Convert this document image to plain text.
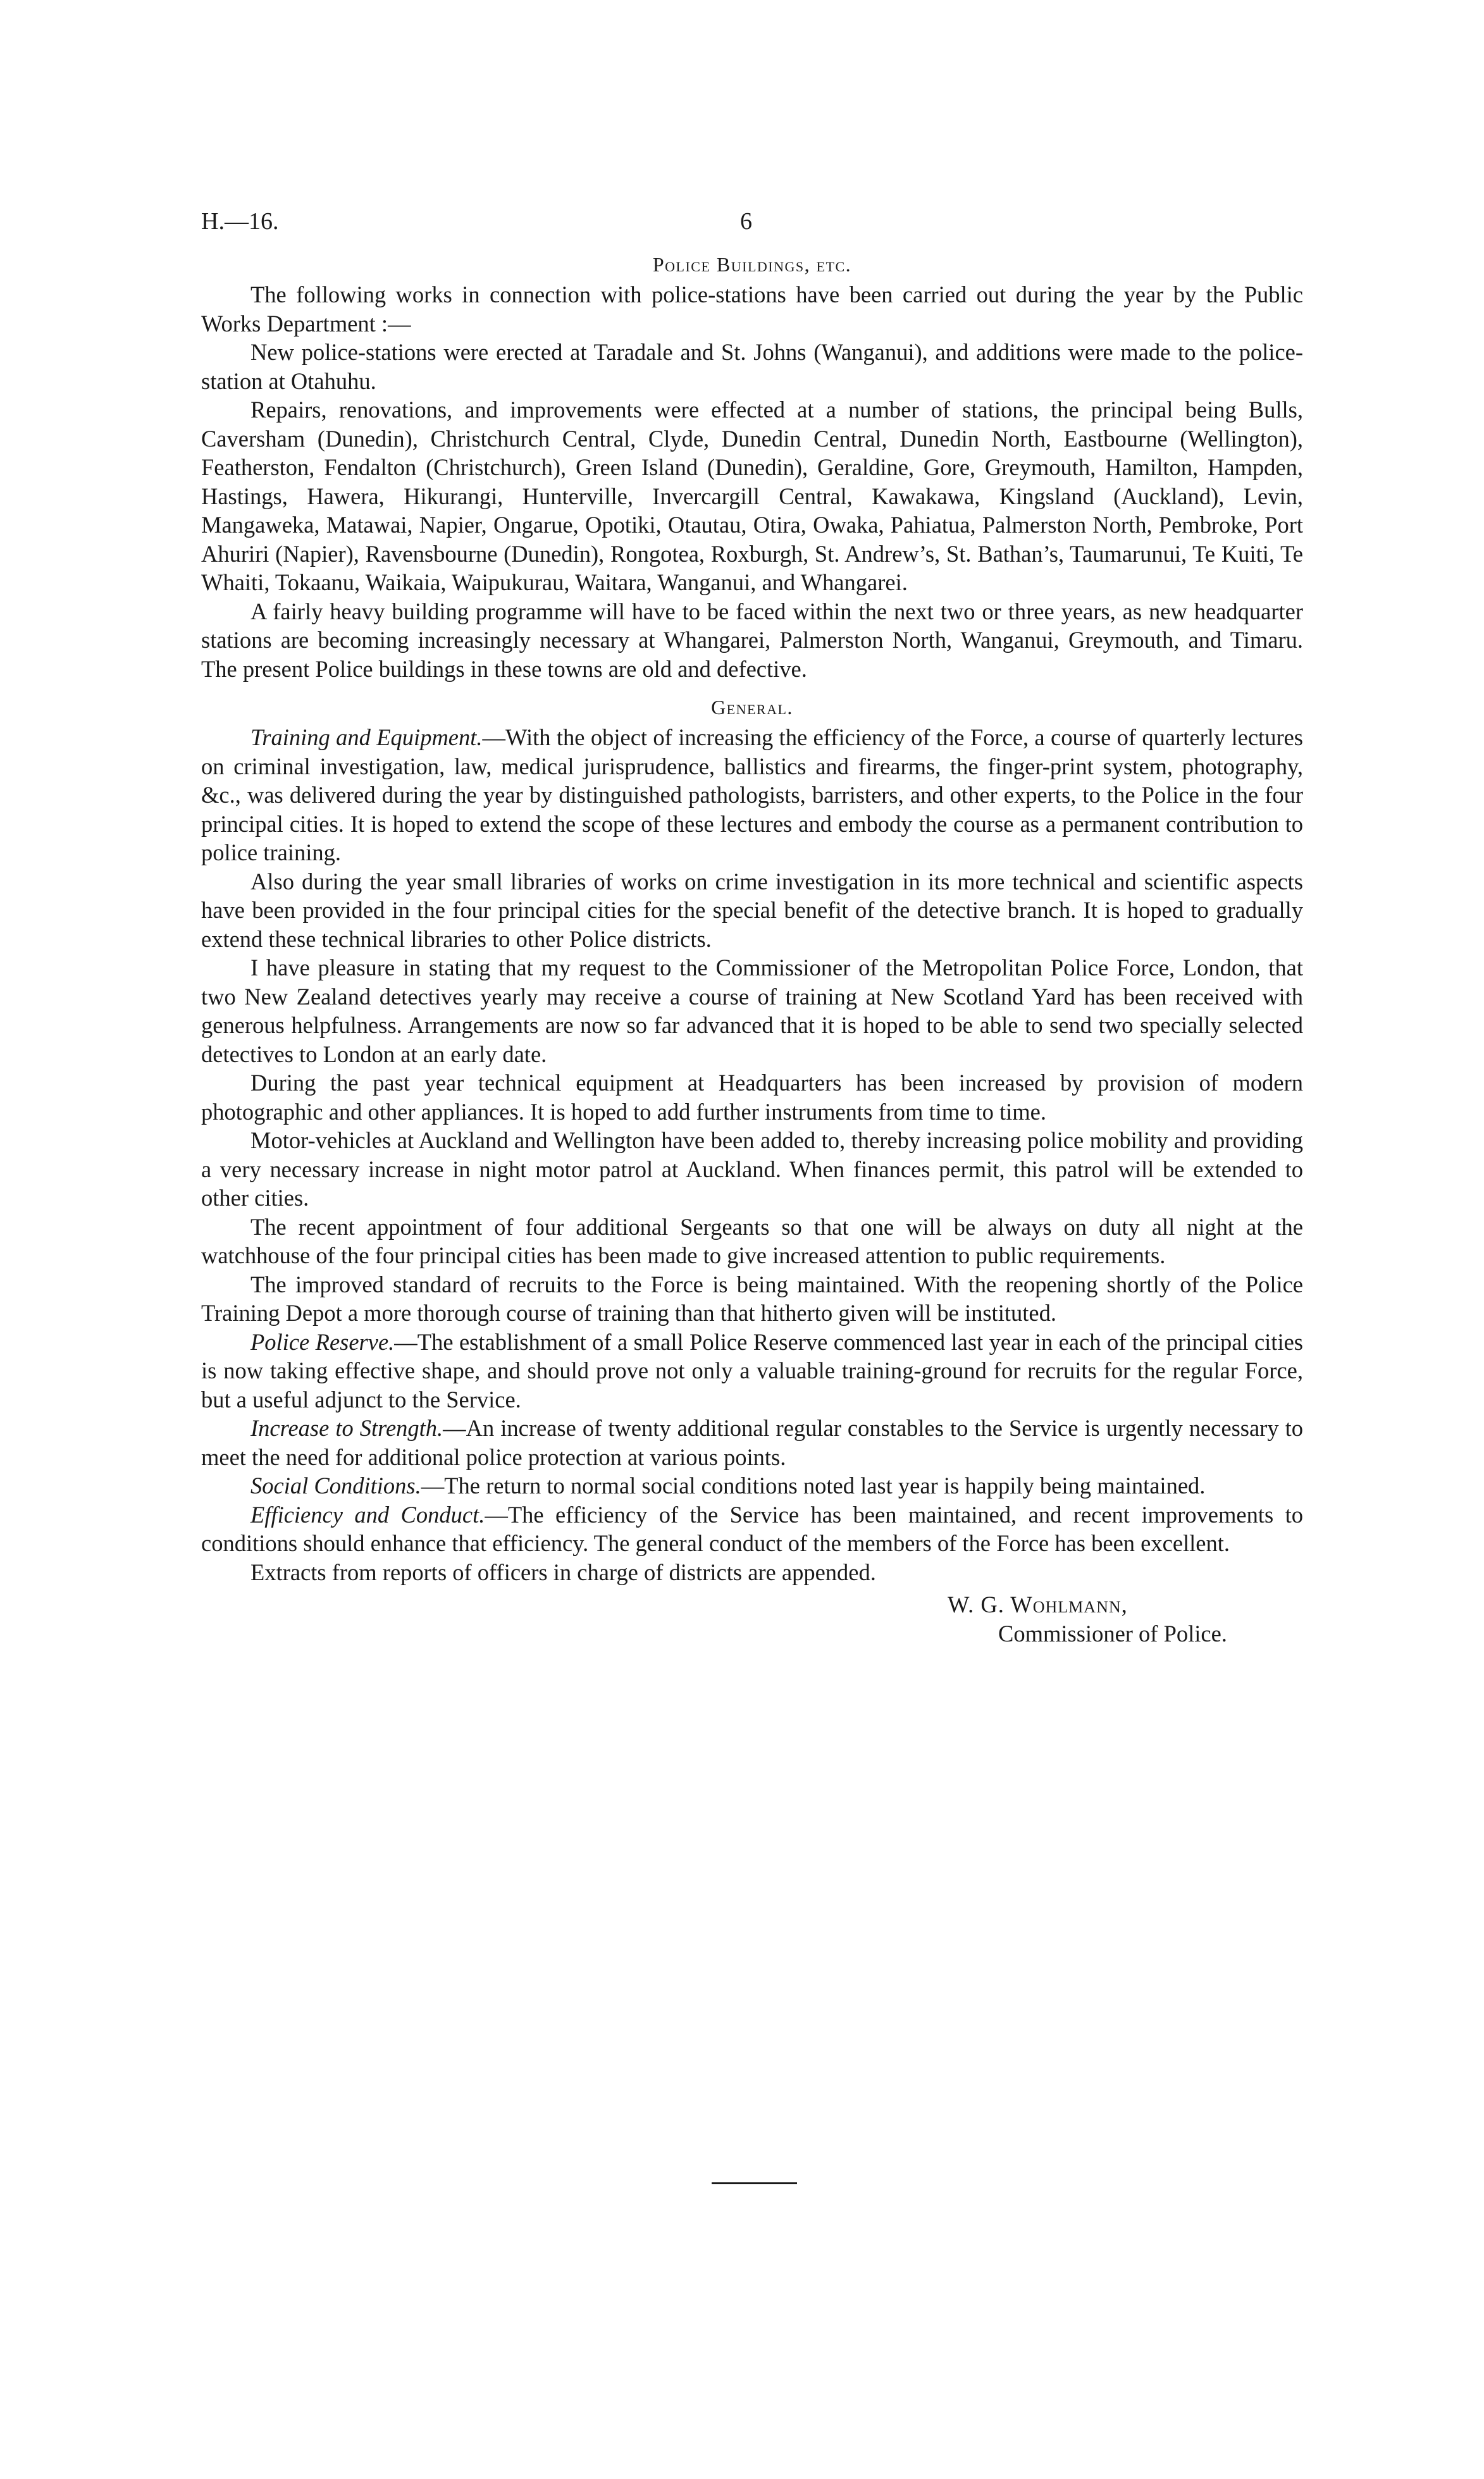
H.—16.	6
Police Buildings, etc.

The following works in connection with police-stations have been carried out during the year by the Public Works Department :—

New police-stations were erected at Taradale and St. Johns (Wanganui), and additions were made to the police-station at Otahuhu.

Repairs, renovations, and improvements were effected at a number of stations, the principal being Bulls, Caversham (Dunedin), Christchurch Central, Clyde, Dunedin Central, Dunedin North, Eastbourne (Wellington), Featherston, Fendalton (Christchurch), Green Island (Dunedin), Geraldine, Gore, Greymouth, Hamilton, Hampden, Hastings, Hawera, Hikurangi, Hunterville, Invercargill Central, Kawakawa, Kingsland (Auckland), Levin, Mangaweka, Matawai, Napier, Ongarue, Opotiki, Otautau, Otira, Owaka, Pahiatua, Palmerston North, Pembroke, Port Ahuriri (Napier), Ravensbourne (Dunedin), Rongotea, Roxburgh, St. Andrew’s, St. Bathan’s, Taumarunui, Te Kuiti, Te Whaiti, Tokaanu, Waikaia, Waipukurau, Waitara, Wanganui, and Whangarei.

A fairly heavy building programme will have to be faced within the next two or three years, as new headquarter stations are becoming increasingly necessary at Whangarei, Palmerston North, Wanganui, Greymouth, and Timaru. The present Police buildings in these towns are old and defective.

General.

Training and Equipment.—With the object of increasing the efficiency of the Force, a course of quarterly lectures on criminal investigation, law, medical jurisprudence, ballistics and firearms, the finger-print system, photography, &c., was delivered during the year by distinguished pathologists, barristers, and other experts, to the Police in the four principal cities. It is hoped to extend the scope of these lectures and embody the course as a permanent contribution to police training.

Also during the year small libraries of works on crime investigation in its more technical and scientific aspects have been provided in the four principal cities for the special benefit of the detective branch. It is hoped to gradually extend these technical libraries to other Police districts.

I have pleasure in stating that my request to the Commissioner of the Metropolitan Police Force, London, that two New Zealand detectives yearly may receive a course of training at New Scotland Yard has been received with generous helpfulness. Arrangements are now so far advanced that it is hoped to be able to send two specially selected detectives to London at an early date.

During the past year technical equipment at Headquarters has been increased by provision of modern photographic and other appliances. It is hoped to add further instruments from time to time.

Motor-vehicles at Auckland and Wellington have been added to, thereby increasing police mobility and providing a very necessary increase in night motor patrol at Auckland. When finances permit, this patrol will be extended to other cities.

The recent appointment of four additional Sergeants so that one will be always on duty all night at the watchhouse of the four principal cities has been made to give increased attention to public requirements.

The improved standard of recruits to the Force is being maintained. With the reopening shortly of the Police Training Depot a more thorough course of training than that hitherto given will be instituted.

Police Reserve.—The establishment of a small Police Reserve commenced last year in each of the principal cities is now taking effective shape, and should prove not only a valuable training-ground for recruits for the regular Force, but a useful adjunct to the Service.

Increase to Strength.—An increase of twenty additional regular constables to the Service is urgently necessary to meet the need for additional police protection at various points.

Social Conditions.—The return to normal social conditions noted last year is happily being maintained.

Efficiency and Conduct.—The efficiency of the Service has been maintained, and recent improvements to conditions should enhance that efficiency. The general conduct of the members of the Force has been excellent.

Extracts from reports of officers in charge of districts are appended.

W. G. Wohlmann,
Commissioner of Police.
